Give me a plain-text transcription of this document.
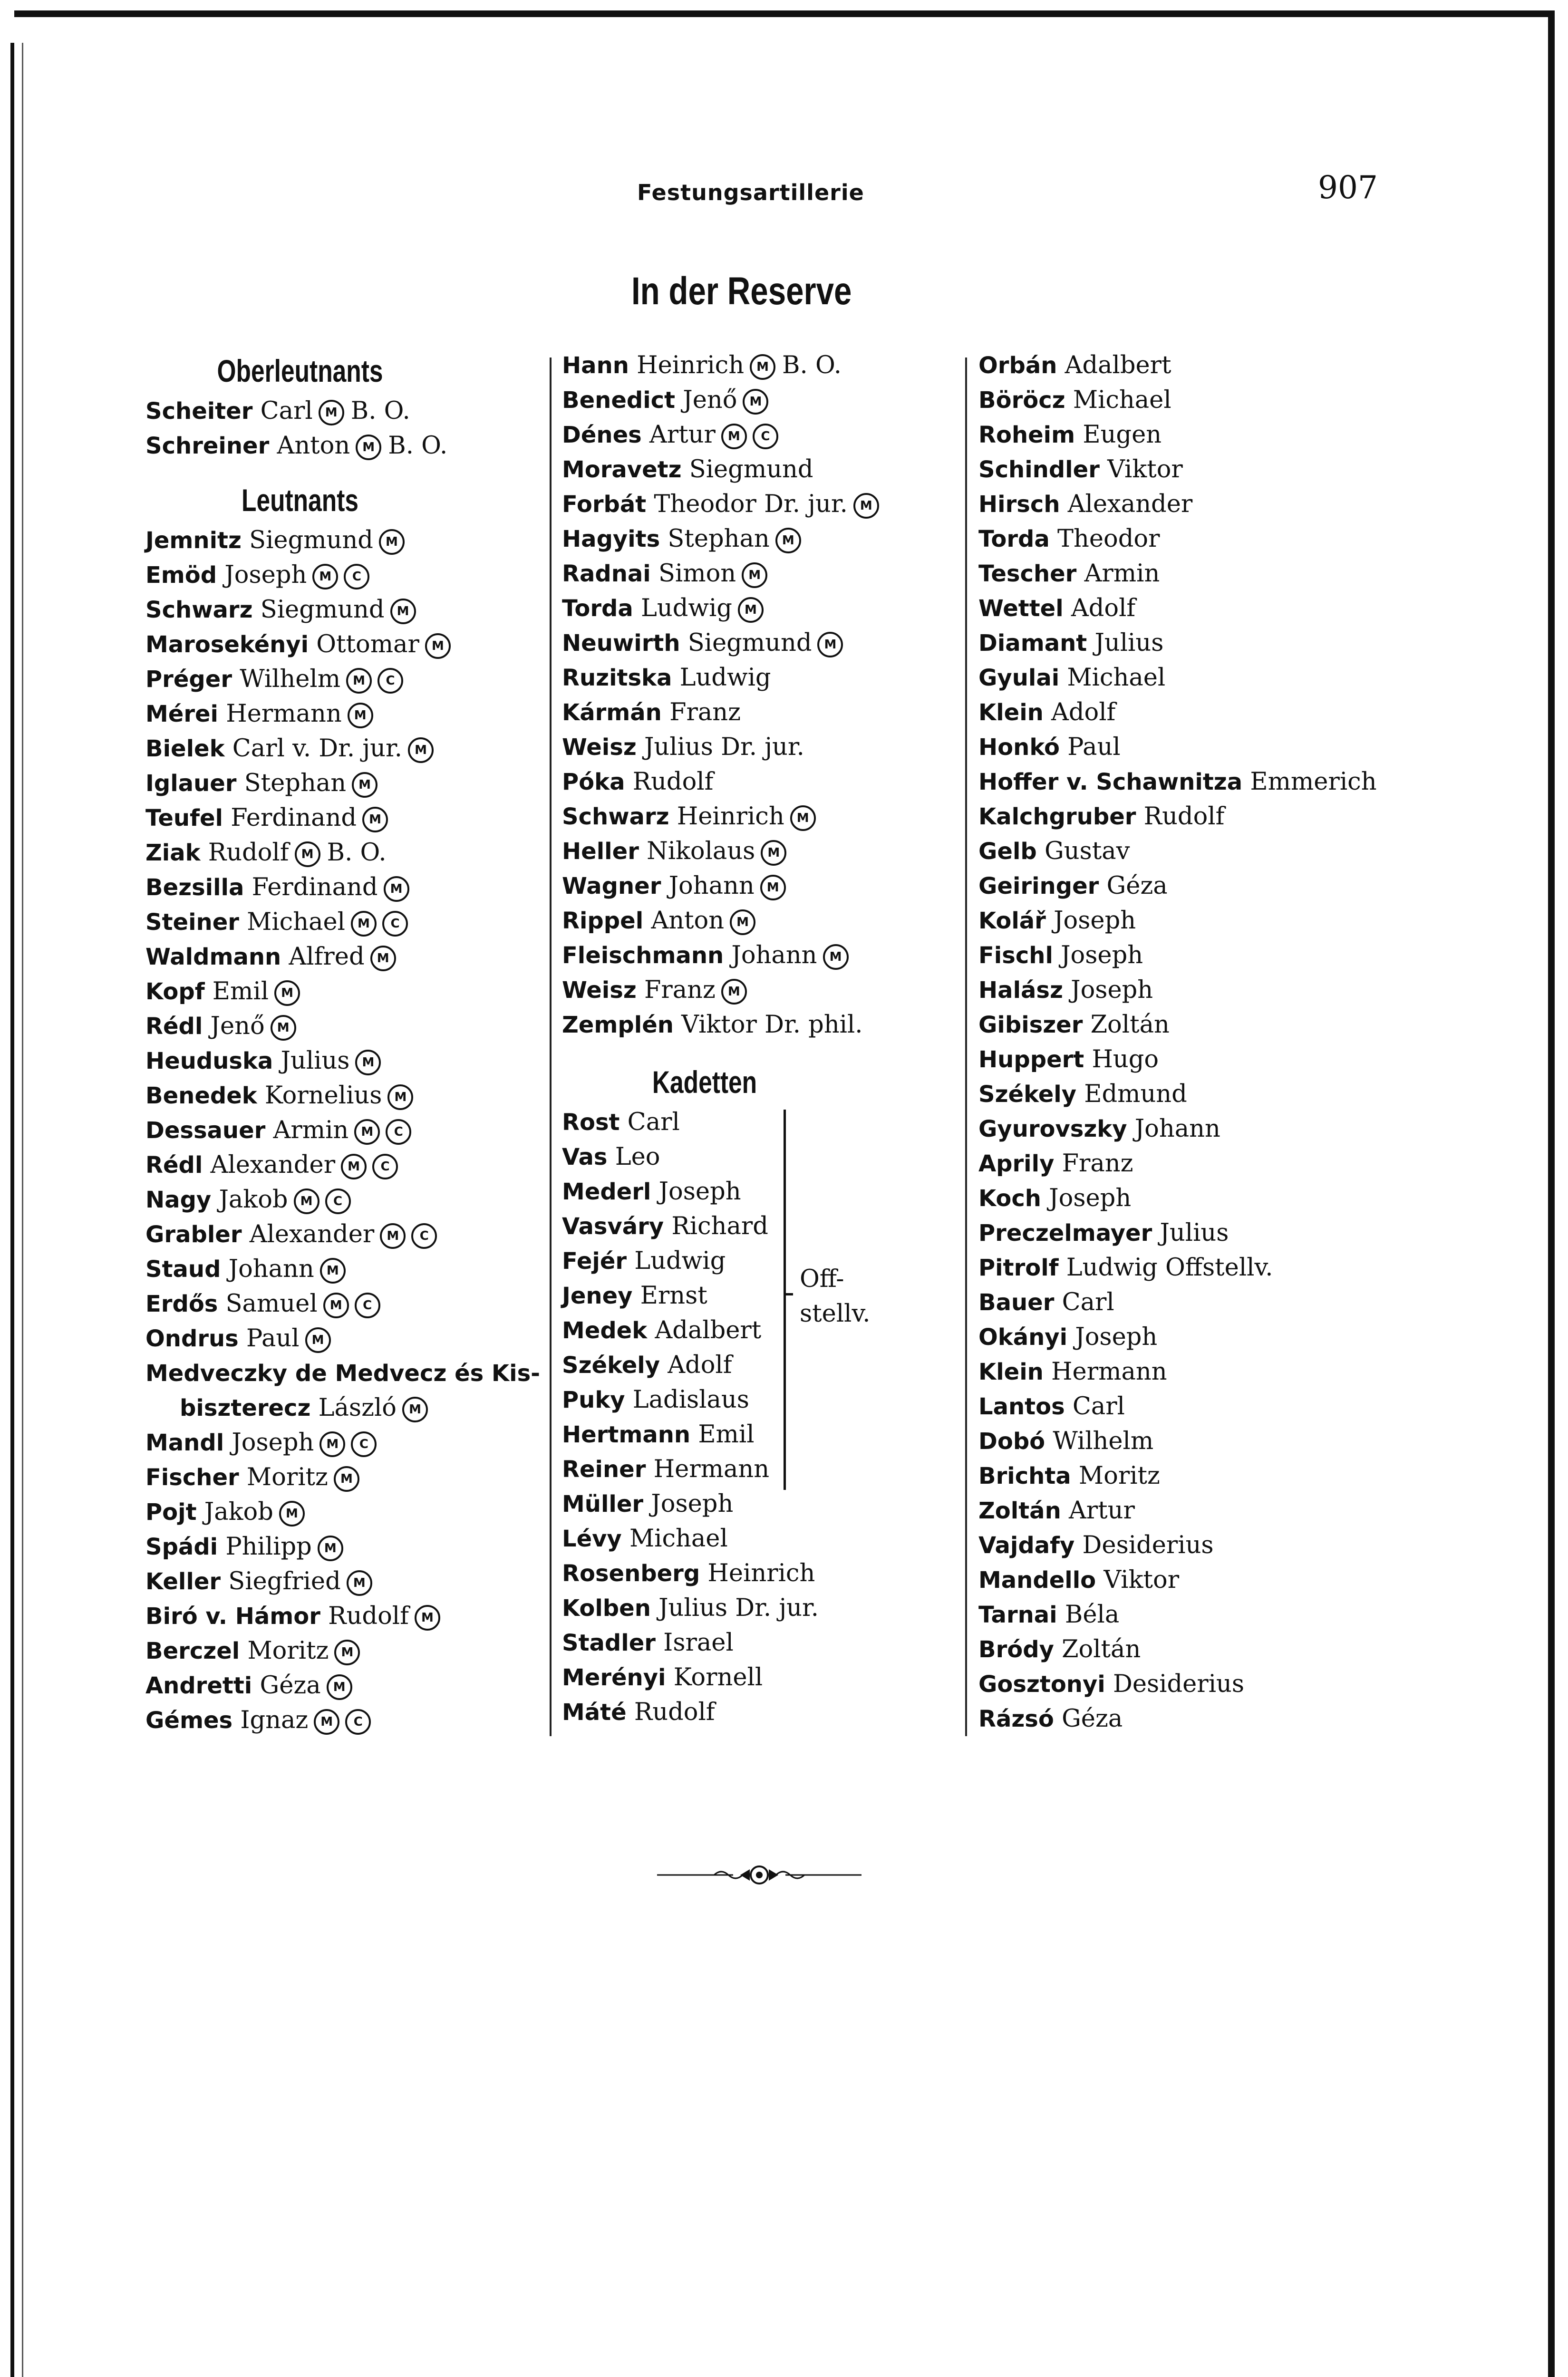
Festungsartillerie	907
In der Reserve
Oberleutnants
Scheiter Carl M B. O.
Schreiner Anton M B. O.
Leutnants
Jemnitz Siegmund M
Emöd Joseph M C
Schwarz Siegmund M
Marosekényi Ottomar M
Préger Wilhelm M C
Mérei Hermann M
Bielek Carl v. Dr. jur. M
Iglauer Stephan M
Teufel Ferdinand M
Ziak Rudolf M B. O.
Bezsilla Ferdinand M
Steiner Michael M C
Waldmann Alfred M
Kopf Emil M
Rédl Jenő M
Heuduska Julius M
Benedek Kornelius M
Dessauer Armin M C
Rédl Alexander M C
Nagy Jakob M C
Grabler Alexander M C
Staud Johann M
Erdős Samuel M C
Ondrus Paul M
Medveczky de Medvecz és Kis-
biszterecz László M
Mandl Joseph M C
Fischer Moritz M
Pojt Jakob M
Spádi Philipp M
Keller Siegfried M
Biró v. Hámor Rudolf M
Berczel Moritz M
Andretti Géza M
Gémes Ignaz M C
Hann Heinrich M B. O.
Benedict Jenő M
Dénes Artur M C
Moravetz Siegmund
Forbát Theodor Dr. jur. M
Hagyits Stephan M
Radnai Simon M
Torda Ludwig M
Neuwirth Siegmund M
Ruzitska Ludwig
Kármán Franz
Weisz Julius Dr. jur.
Póka Rudolf
Schwarz Heinrich M
Heller Nikolaus M
Wagner Johann M
Rippel Anton M
Fleischmann Johann M
Weisz Franz M
Zemplén Viktor Dr. phil.
Kadetten
Rost Carl
Vas Leo
Mederl Joseph
Vasváry Richard
Fejér Ludwig
Jeney Ernst
Medek Adalbert
Székely Adolf
Puky Ladislaus
Hertmann Emil
Reiner Hermann
Müller Joseph
Lévy Michael
Rosenberg Heinrich
Kolben Julius Dr. jur.
Stadler Israel
Merényi Kornell
Máté Rudolf
Off-
stellv.
Orbán Adalbert
Böröcz Michael
Roheim Eugen
Schindler Viktor
Hirsch Alexander
Torda Theodor
Tescher Armin
Wettel Adolf
Diamant Julius
Gyulai Michael
Klein Adolf
Honkó Paul
Hoffer v. Schawnitza Emmerich
Kalchgruber Rudolf
Gelb Gustav
Geiringer Géza
Kolář Joseph
Fischl Joseph
Halász Joseph
Gibiszer Zoltán
Huppert Hugo
Székely Edmund
Gyurovszky Johann
Aprily Franz
Koch Joseph
Preczelmayer Julius
Pitrolf Ludwig Offstellv.
Bauer Carl
Okányi Joseph
Klein Hermann
Lantos Carl
Dobó Wilhelm
Brichta Moritz
Zoltán Artur
Vajdafy Desiderius
Mandello Viktor
Tarnai Béla
Bródy Zoltán
Gosztonyi Desiderius
Rázsó Géza
